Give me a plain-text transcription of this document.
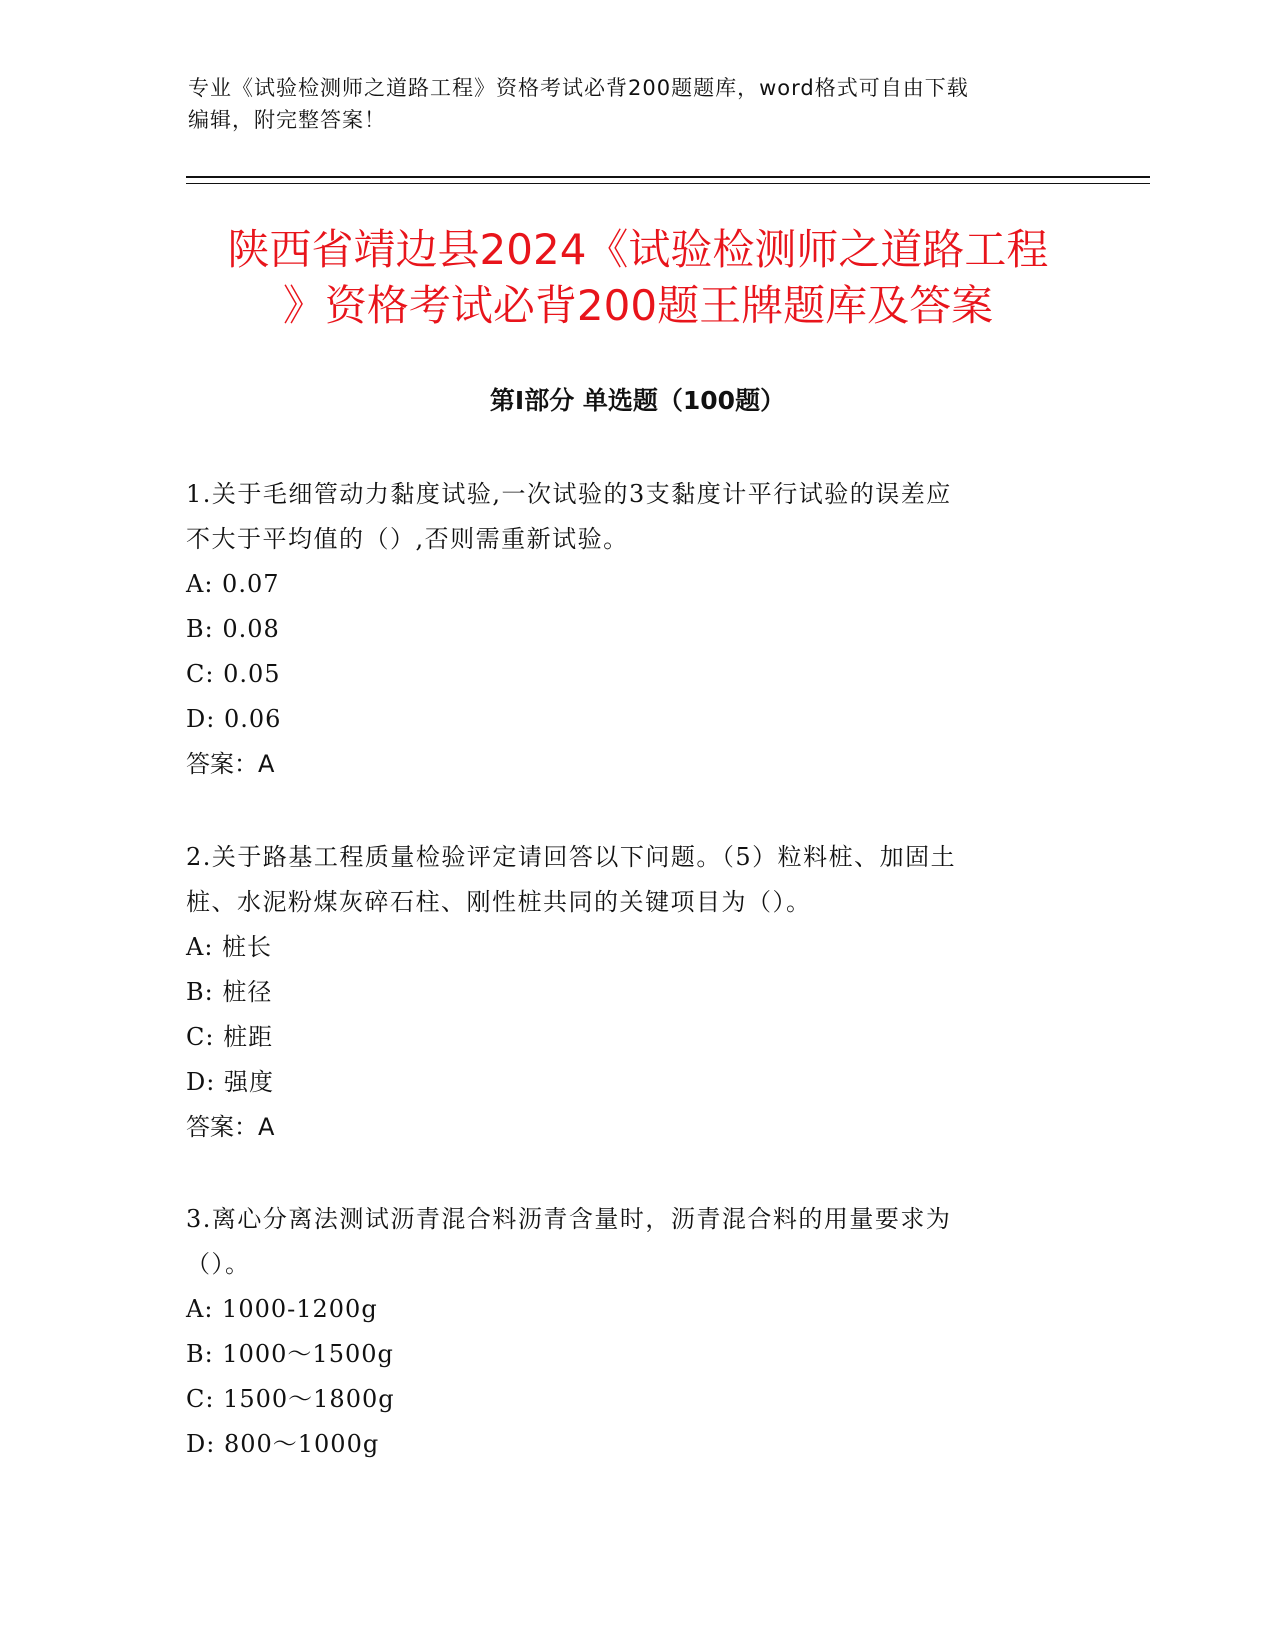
专业《试验检测师之道路工程》资格考试必背200题题库，word格式可自由下载
编辑，附完整答案！
陕西省靖边县2024《试验检测师之道路工程
》资格考试必背200题王牌题库及答案
第Ⅰ部分 单选题（100题）

1.关于毛细管动力黏度试验,一次试验的3支黏度计平行试验的误差应

不大于平均值的（）,否则需重新试验。

A: 0.07

B: 0.08

C: 0.05

D: 0.06

答案：A

2.关于路基工程质量检验评定请回答以下问题。（5）粒料桩、加固土

桩、水泥粉煤灰碎石柱、刚性桩共同的关键项目为（）。

A: 桩长

B: 桩径

C: 桩距

D: 强度

答案：A

3.离心分离法测试沥青混合料沥青含量时，沥青混合料的用量要求为

（）。

A: 1000-1200g

B: 1000～1500g

C: 1500～1800g

D: 800～1000g
